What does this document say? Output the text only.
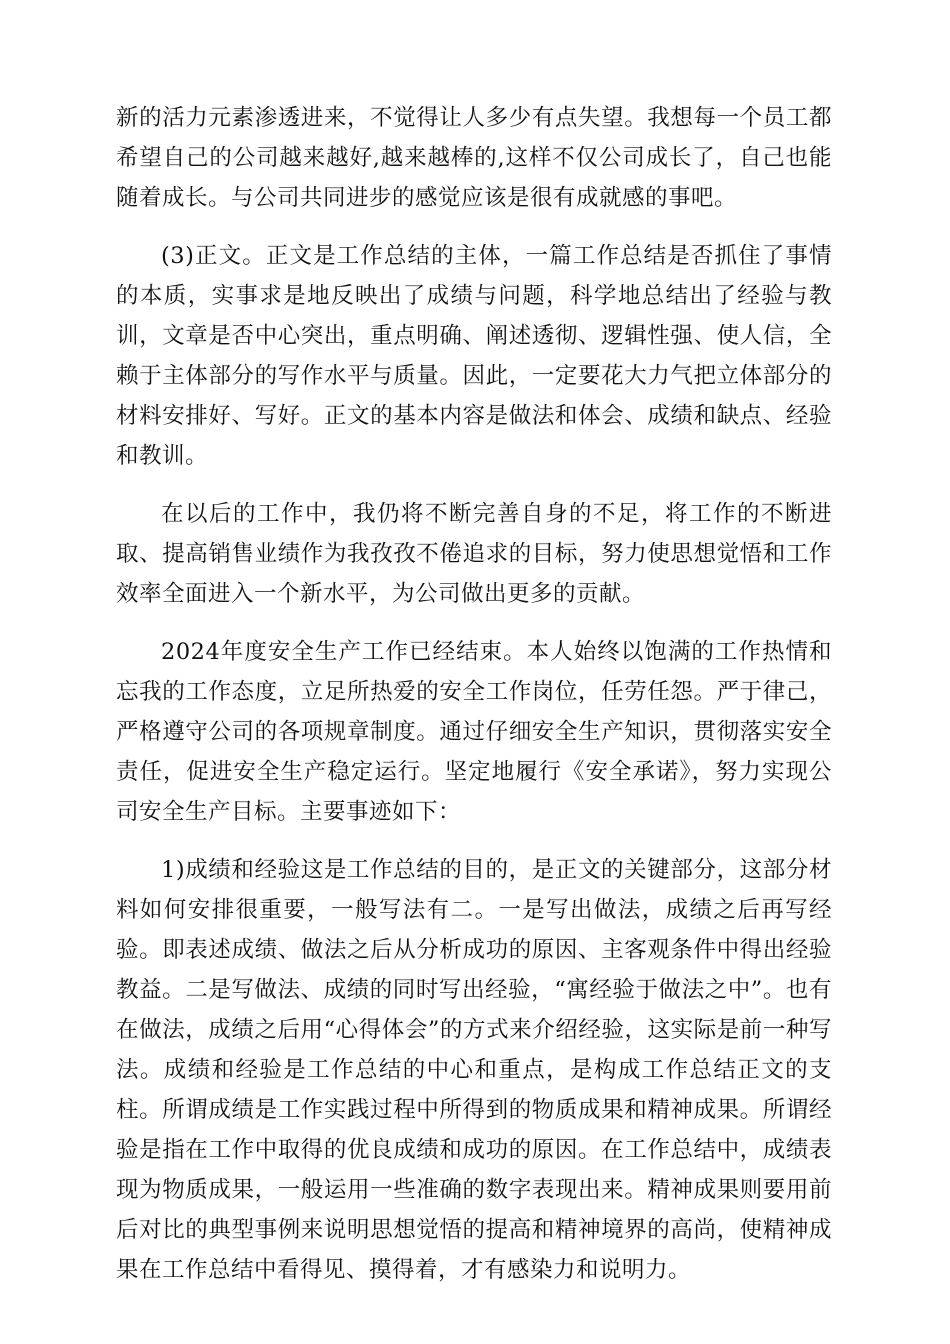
新的活力元素渗透进来，不觉得让人多少有点失望。我想每一个员工都希望自己的公司越来越好,越来越棒的,这样不仅公司成长了，自己也能随着成长。与公司共同进步的感觉应该是很有成就感的事吧。

(3)正文。正文是工作总结的主体，一篇工作总结是否抓住了事情的本质，实事求是地反映出了成绩与问题，科学地总结出了经验与教训，文章是否中心突出，重点明确、阐述透彻、逻辑性强、使人信，全赖于主体部分的写作水平与质量。因此，一定要花大力气把立体部分的材料安排好、写好。正文的基本内容是做法和体会、成绩和缺点、经验和教训。

在以后的工作中，我仍将不断完善自身的不足，将工作的不断进取、提高销售业绩作为我孜孜不倦追求的目标，努力使思想觉悟和工作效率全面进入一个新水平，为公司做出更多的贡献。

2024年度安全生产工作已经结束。本人始终以饱满的工作热情和忘我的工作态度，立足所热爱的安全工作岗位，任劳任怨。严于律己，严格遵守公司的各项规章制度。通过仔细安全生产知识，贯彻落实安全责任，促进安全生产稳定运行。坚定地履行《安全承诺》，努力实现公司安全生产目标。主要事迹如下：

1)成绩和经验这是工作总结的目的，是正文的关键部分，这部分材料如何安排很重要，一般写法有二。一是写出做法，成绩之后再写经验。即表述成绩、做法之后从分析成功的原因、主客观条件中得出经验教益。二是写做法、成绩的同时写出经验，“寓经验于做法之中”。也有在做法，成绩之后用“心得体会”的方式来介绍经验，这实际是前一种写法。成绩和经验是工作总结的中心和重点，是构成工作总结正文的支柱。所谓成绩是工作实践过程中所得到的物质成果和精神成果。所谓经验是指在工作中取得的优良成绩和成功的原因。在工作总结中，成绩表现为物质成果，一般运用一些准确的数字表现出来。精神成果则要用前后对比的典型事例来说明思想觉悟的提高和精神境界的高尚，使精神成果在工作总结中看得见、摸得着，才有感染力和说明力。
